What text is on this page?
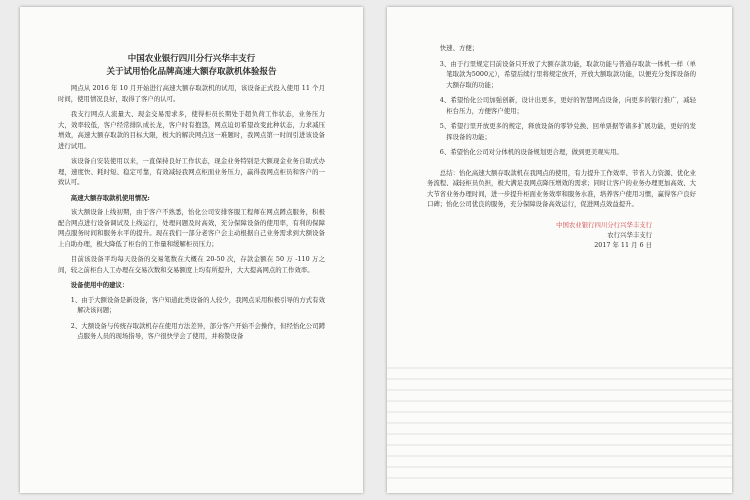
中国农业银行四川分行兴华丰支行
关于试用怡化品牌高速大额存取款机体验报告

网点从 2016 年 10 月开始进行高速大额存取款机的试用，该设备正式投入使用 11 个月时间，使用情况良好，取得了客户的认可。

我支行网点人流量大、现金交易需求多，使得柜员长期处于超负荷工作状态，业务压力大，效率较低，客户经常排队成长龙，客户时有抱怨，网点迫切希望改变此种状态，力求减压增效，高速大额存取款的目标大限，极大的解决网点这一难题时，我网点第一时间引进该设备进行试用。

该设备自安装使用以来，一直保持良好工作状态，现金业务特别是大额现金业务自助式办理，速度快、耗时短、稳定可靠，有效减轻我网点柜面业务压力，赢得我网点柜员和客户的一致认可。

高速大额存取款机使用情况:

该大额设备上线初期，由于客户不熟悉，怡化公司安排客服工程师在网点蹲点服务，积极配合网点进行设备调试及上线运行，处理问题及时高效，充分保障设备的使用率，有利的保障网点服务时间和服务水平的提升。现在我们一部分老客户会主动根据自己业务需求到大额设备上自助办理，极大降低了柜台的工作量和缓解柜员压力；

目前该设备平均每天设备的交易笔数在大概在 20-50 次，存款金额在 50 万 -110 万之间，较之前柜台人工办理在交易次数和交易额度上均有所提升，大大提高网点的工作效率。

设备使用中的建议：

1、由于大额设备是新设备，客户知道此类设备的人较少，我网点采用积极引导的方式有效解决该问题；

2、大额设备与传统存取款机存在使用方法差异，部分客户开始不会操作，但经怡化公司蹲点服务人员的现场指导，客户很快学会了使用，并称赞设备

快速、方便；

3、由于行里规定目前设备只开放了大额存款功能，取款功能与普通存取款一体机一样（单笔取款为5000元），希望后续行里将规定放开，开放大额取款功能，以便充分发挥设备的大额存取的功能；

4、希望怡化公司加强创新，设计出更多，更好的智慧网点设备，向更多的银行推广，减轻柜台压力，方便客户使用；

5、希望行里开放更多的规定，释放设备的零钞兑换、回单票据等诸多扩展功能，更好的发挥设备的功能；

6、希望怡化公司对分体机的设备规划更合理，做到更美观实用。

总结：怡化高速大额存取款机在我网点的使用，有力提升工作效率、节省人力资源、优化业务流程、减轻柜员负担，极大满足我网点降压增效的需求；同时让客户的业务办理更加高效、大大节省业务办理时间，进一步提升柜面业务效率和服务水准，培养客户使用习惯，赢得客户良好口碑；怡化公司优良的服务，充分保障设备高效运行，促进网点效益提升。

中国农业银行四川分行兴华丰支行

农行兴华丰支行

2017 年 11 月 6 日
